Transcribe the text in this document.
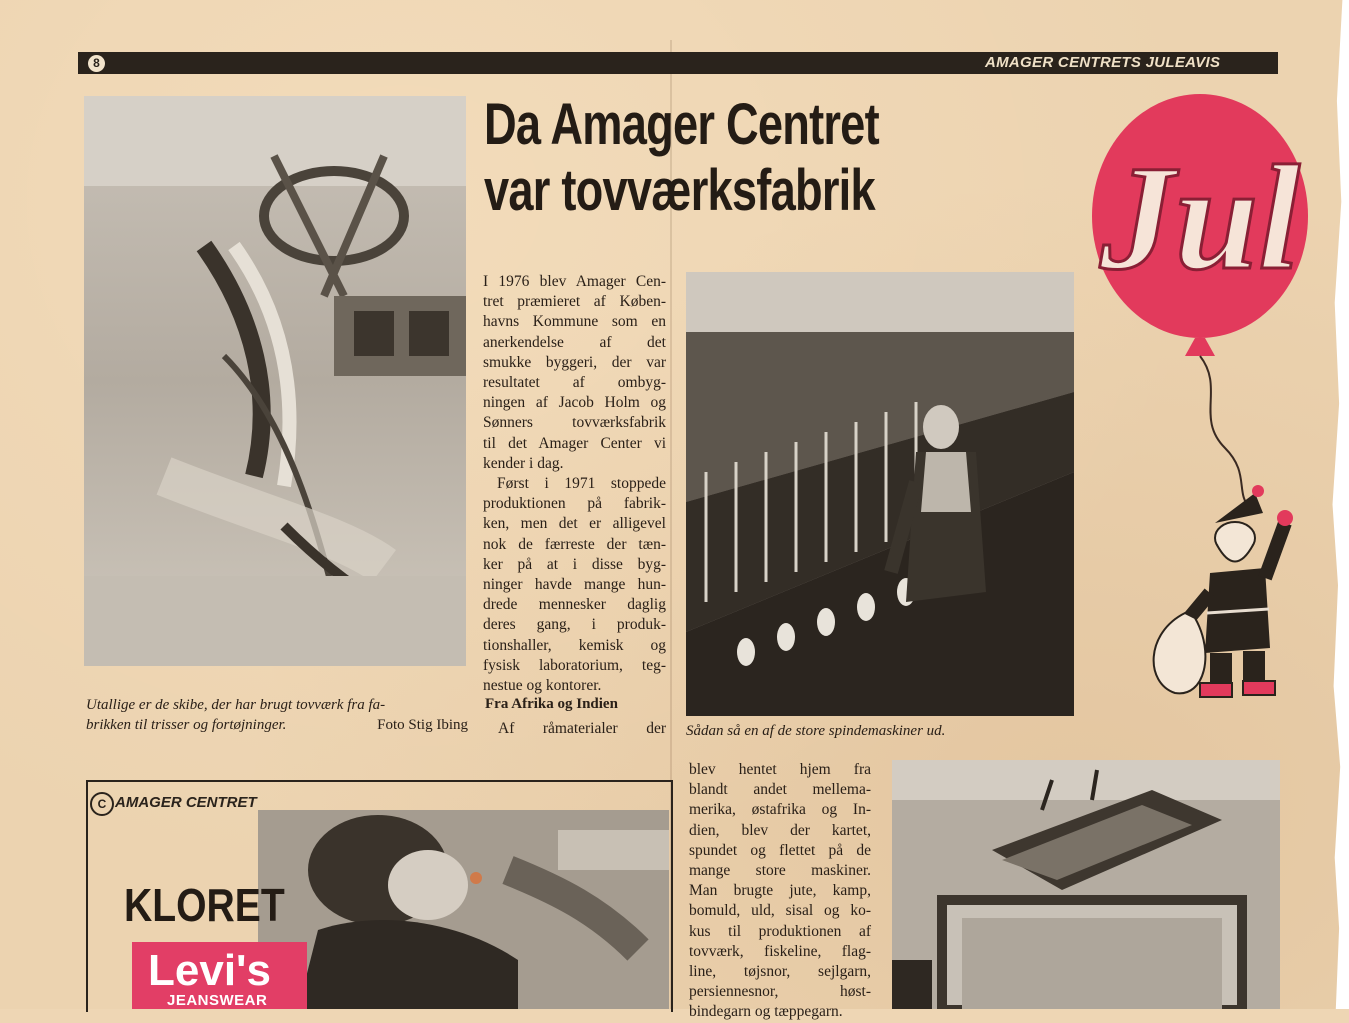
8	AMAGER CENTRETS JULEAVIS
Da Amager Centret
var tovværksfabrik

I 1976 blev Amager Cen-

tret præmieret af Køben-

havns Kommune som en

anerkendelse af det

smukke byggeri, der var

resultatet af ombyg-

ningen af Jacob Holm og

Sønners tovværksfabrik

til det Amager Center vi

kender i dag.

Først i 1971 stoppede

produktionen på fabrik-

ken, men det er alligevel

nok de færreste der tæn-

ker på at i disse byg-

ninger havde mange hun-

drede mennesker daglig

deres gang, i produk-

tionshaller, kemisk og

fysisk laboratorium, teg-

nestue og kontorer.

Fra Afrika og Indien
Af råmaterialer der Sådan så en af de store spindemaskiner ud.
Utallige er de skibe, der har brugt tovværk fra fa-
brikken til trisser og fortøjninger.	Foto Stig Ibing

blev hentet hjem fra

blandt andet mellema-

merika, østafrika og In-

dien, blev der kartet,

spundet og flettet på de

mange store maskiner.

Man brugte jute, kamp,

bomuld, uld, sisal og ko-

kus til produktionen af

tovværk, fiskeline, flag-

line, tøjsnor, sejlgarn,

persiennesnor, høst-

bindegarn og tæppegarn.

Jul
C AMAGER CENTRET
KLORET
Levi's
JEANSWEAR
